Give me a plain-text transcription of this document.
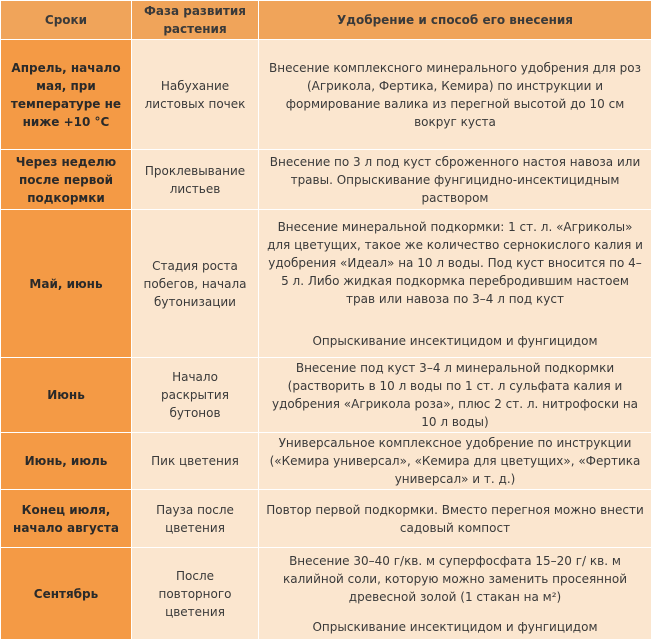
Сроки	Фаза развития растения	Удобрение и способ его внесения
Апрель, начало мая, при температуре не ниже +10 °С	Набухание листовых почек	Внесение комплексного минерального удобрения для роз (Агрикола, Фертика, Кемира) по инструкции и формирование валика из перегной высотой до 10 см вокруг куста

Через неделю после первой подкормки	Проклевывание листьев	Внесение по 3 л под куст сброженного настоя навоза или травы. Опрыскивание фунгицидно-инсектицидным раствором

Май, июнь	Стадия роста побегов, начала бутонизации	Внесение минеральной подкормки: 1 ст. л. «Агриколы» для цветущих, такое же количество сернокислого калия и удобрения «Идеал» на 10 л воды. Под куст вносится по 4–5 л. Либо жидкая подкормка перебродившим настоем трав или навоза по 3–4 л под куст
Опрыскивание инсектицидом и фунгицидом

Июнь	Начало раскрытия бутонов	Внесение под куст 3–4 л минеральной подкормки (растворить в 10 л воды по 1 ст. л сульфата калия и удобрения «Агрикола роза», плюс 2 ст. л. нитрофоски на 10 л воды)

Июнь, июль	Пик цветения	Универсальное комплексное удобрение по инструкции («Кемира универсал», «Кемира для цветущих», «Фертика универсал» и т. д.)

Конец июля, начало августа	Пауза после цветения	Повтор первой подкормки. Вместо перегноя можно внести садовый компост

Сентябрь	После повторного цветения	Внесение 30–40 г/кв. м суперфосфата 15–20 г/ кв. м калийной соли, которую можно заменить просеянной древесной золой (1 стакан на м²)
Опрыскивание инсектицидом и фунгицидом
